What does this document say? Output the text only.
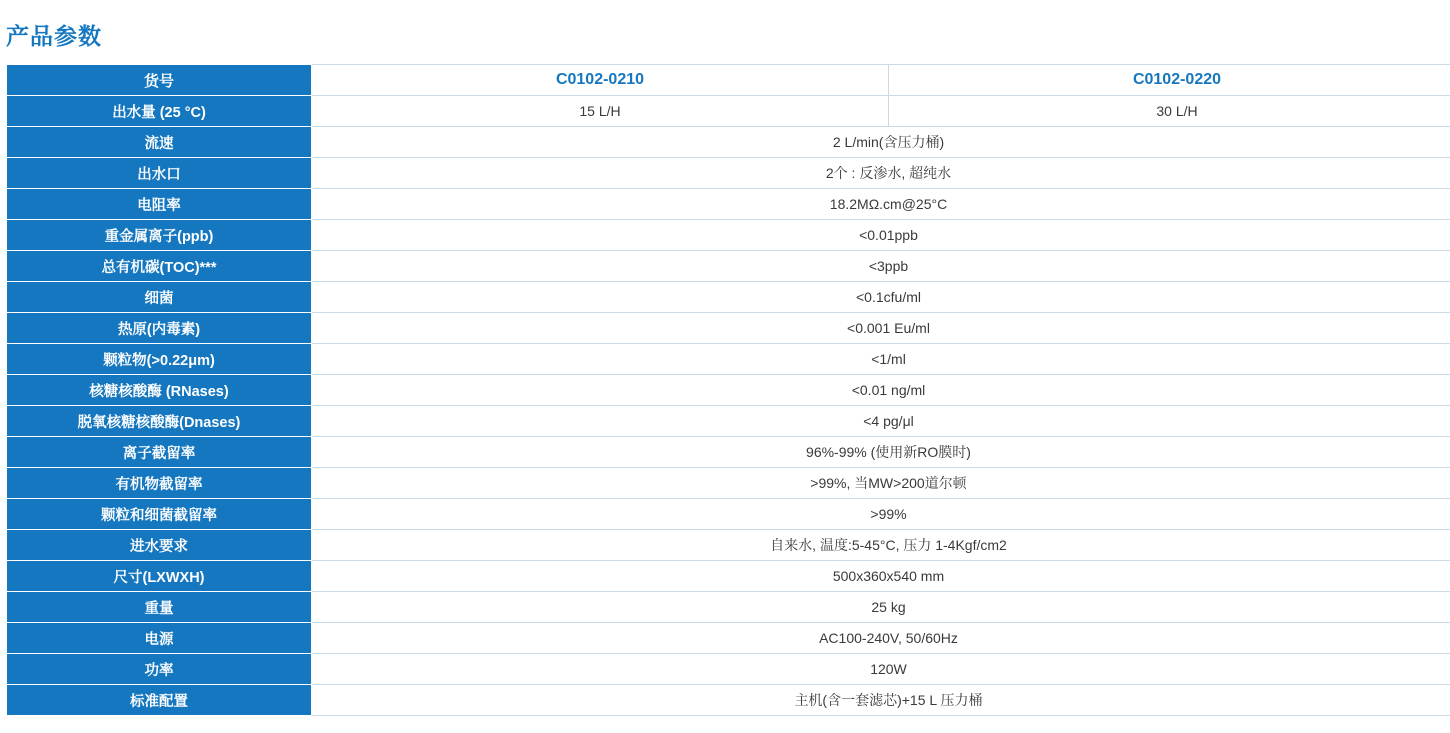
产品参数
货号	C0102-0210	C0102-0220
出水量 (25 °C)	15 L/H	30 L/H
流速	2 L/min(含压力桶)	
出水口	2个 : 反渗水, 超纯水	
电阻率	18.2MΩ.cm@25°C	
重金属离子(ppb)	<0.01ppb	
总有机碳(TOC)***	<3ppb	
细菌	<0.1cfu/ml	
热原(内毒素)	<0.001 Eu/ml	
颗粒物(>0.22μm)	<1/ml	
核糖核酸酶 (RNases)	<0.01 ng/ml	
脱氧核糖核酸酶(Dnases)	<4 pg/μl	
离子截留率	96%-99% (使用新RO膜时)	
有机物截留率	>99%, 当MW>200道尔顿	
颗粒和细菌截留率	>99%	
进水要求	自来水, 温度:5-45°C, 压力 1-4Kgf/cm2	
尺寸(LXWXH)	500x360x540 mm	
重量	25 kg	
电源	AC100-240V, 50/60Hz	
功率	120W	
标准配置	主机(含一套滤芯)+15 L 压力桶	
